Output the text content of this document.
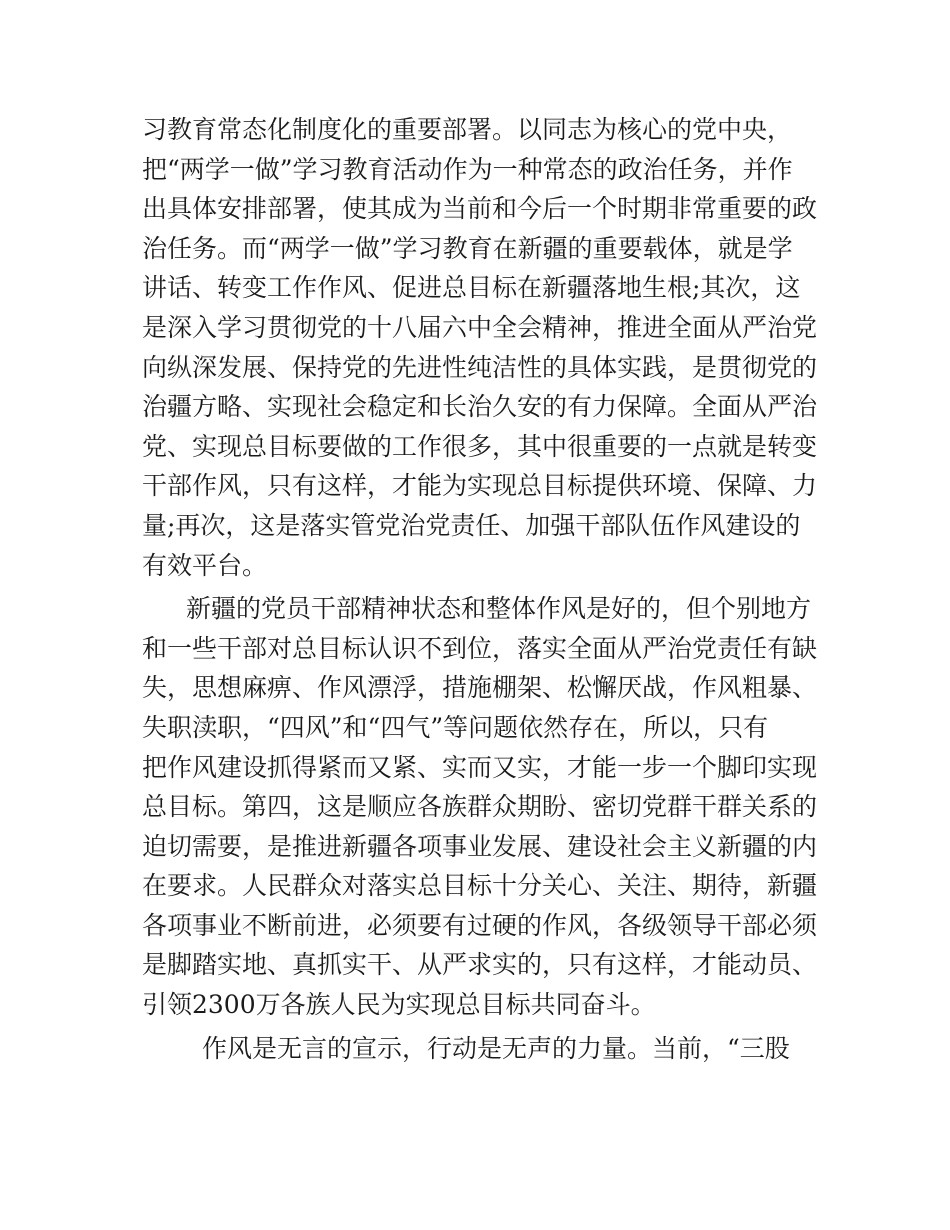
习教育常态化制度化的重要部署。以同志为核心的党中央，
把“两学一做”学习教育活动作为一种常态的政治任务，并作
出具体安排部署，使其成为当前和今后一个时期非常重要的政
治任务。而“两学一做”学习教育在新疆的重要载体，就是学
讲话、转变工作作风、促进总目标在新疆落地生根;其次，这
是深入学习贯彻党的十八届六中全会精神，推进全面从严治党
向纵深发展、保持党的先进性纯洁性的具体实践，是贯彻党的
治疆方略、实现社会稳定和长治久安的有力保障。全面从严治
党、实现总目标要做的工作很多，其中很重要的一点就是转变
干部作风，只有这样，才能为实现总目标提供环境、保障、力
量;再次，这是落实管党治党责任、加强干部队伍作风建设的
有效平台。
新疆的党员干部精神状态和整体作风是好的，但个别地方
和一些干部对总目标认识不到位，落实全面从严治党责任有缺
失，思想麻痹、作风漂浮，措施棚架、松懈厌战，作风粗暴、
失职渎职，“四风”和“四气”等问题依然存在，所以，只有
把作风建设抓得紧而又紧、实而又实，才能一步一个脚印实现
总目标。第四，这是顺应各族群众期盼、密切党群干群关系的
迫切需要，是推进新疆各项事业发展、建设社会主义新疆的内
在要求。人民群众对落实总目标十分关心、关注、期待，新疆
各项事业不断前进，必须要有过硬的作风，各级领导干部必须
是脚踏实地、真抓实干、从严求实的，只有这样，才能动员、
引领2300万各族人民为实现总目标共同奋斗。
作风是无言的宣示，行动是无声的力量。当前，“三股
